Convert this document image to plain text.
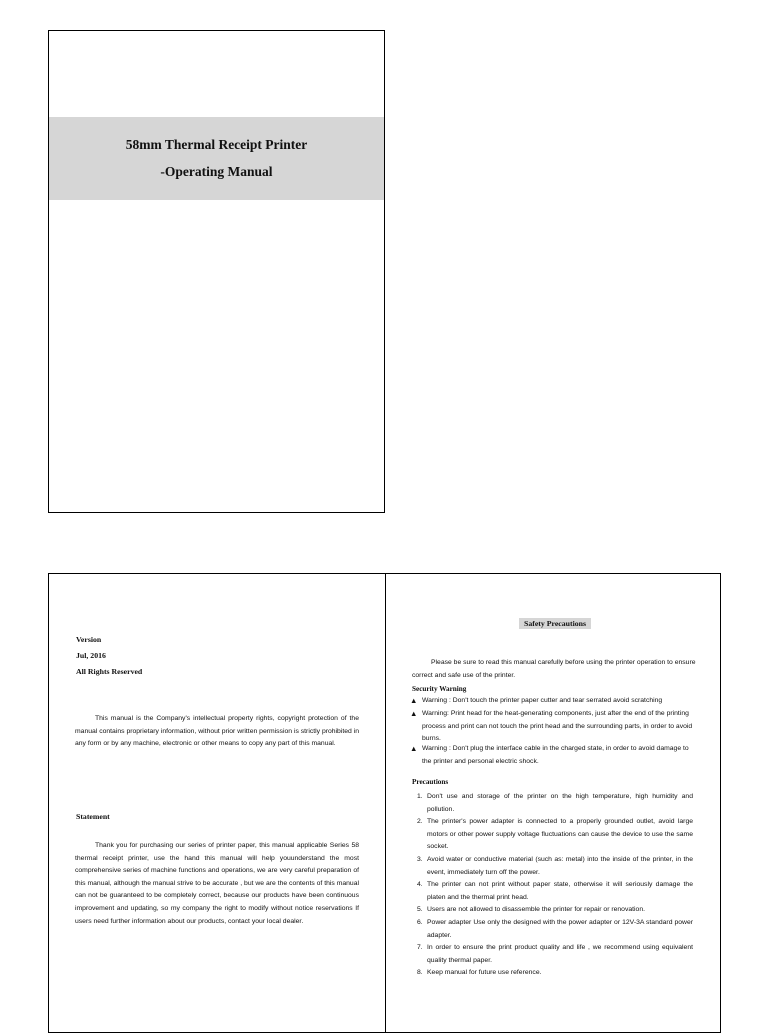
58mm Thermal Receipt Printer
-Operating Manual
Version
Jul, 2016
All Rights Reserved
This manual is the Company's intellectual property rights, copyright protection of the manual contains proprietary information, without prior written permission is strictly prohibited in any form or by any machine, electronic or other means to copy any part of this manual.
Statement
Thank you for purchasing our series of printer paper, this manual applicable Series 58 thermal receipt printer, use the hand this manual will help youunderstand the most comprehensive series of machine functions and operations, we are very careful preparation of this manual, although the manual strive to be accurate , but we are the contents of this manual can not be guaranteed to be completely correct, because our products have been continuous improvement and updating, so my company the right to modify without notice reservations If users need further information about our products, contact your local dealer.
Safety Precautions
Please be sure to read this manual carefully before using the printer operation to ensure correct and safe use of the printer.
Security Warning
▲ Warning : Don't touch the printer paper cutter and tear serrated avoid scratching
▲ Warning: Print head for the heat-generating components, just after the end of the printing process and print can not touch the print head and the surrounding parts, in order to avoid burns.
▲ Warning : Don't plug the interface cable in the charged state, in order to avoid damage to the printer and personal electric shock.
Precautions
1. Don't use and storage of the printer on the high temperature, high humidity and pollution.
2. The printer's power adapter is connected to a properly grounded outlet, avoid large motors or other power supply voltage fluctuations can cause the device to use the same socket.
3. Avoid water or conductive material (such as: metal) into the inside of the printer, in the event, immediately turn off the power.
4. The printer can not print without paper state, otherwise it will seriously damage the platen and the thermal print head.
5. Users are not allowed to disassemble the printer for repair or renovation.
6. Power adapter Use only the designed with the power adapter or 12V-3A standard power adapter.
7. In order to ensure the print product quality and life , we recommend using equivalent quality thermal paper.
8. Keep manual for future use reference.
